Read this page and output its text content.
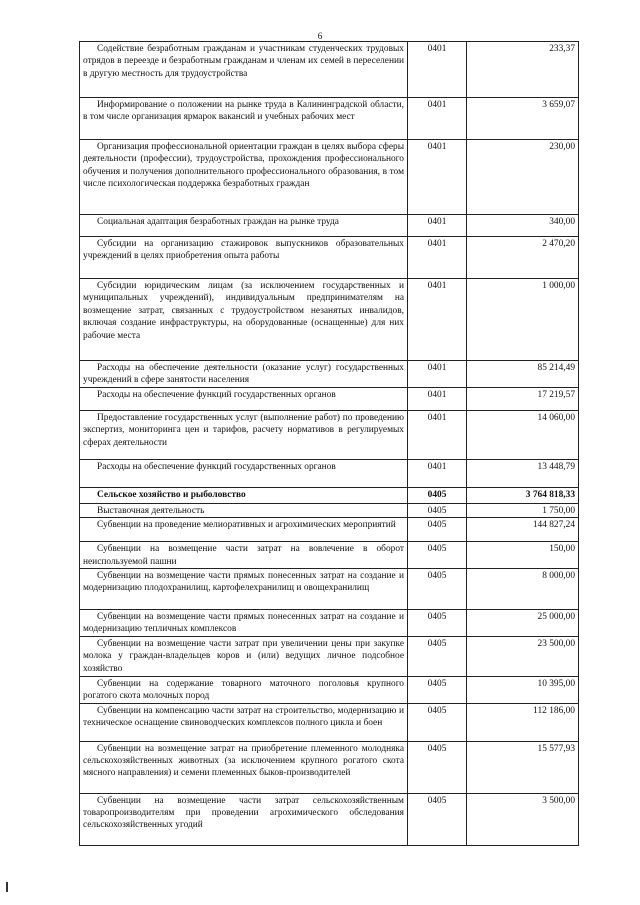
6
Содействие безработным гражданам и участникам студенческих трудовых отрядов в переезде и безработным гражданам и членам их семей в переселении в другую местность для трудоустройства	0401	233,37
Информирование о положении на рынке труда в Калининградской области, в том числе организация ярмарок вакансий и учебных рабочих мест	0401	3 659,07
Организация профессиональной ориентации граждан в целях выбора сферы деятельности (профессии), трудоустройства, прохождения профессионального обучения и получения дополнительного профессионального образования, в том числе психологическая поддержка безработных граждан	0401	230,00
Социальная адаптация безработных граждан на рынке труда	0401	340,00
Субсидии на организацию стажировок выпускников образовательных учреждений в целях приобретения опыта работы	0401	2 470,20
Субсидии юридическим лицам (за исключением государственных и муниципальных учреждений), индивидуальным предпринимателям на возмещение затрат, связанных с трудоустройством незанятых инвалидов, включая создание инфраструктуры, на оборудованные (оснащенные) для них рабочие места	0401	1 000,00
Расходы на обеспечение деятельности (оказание услуг) государственных учреждений в сфере занятости населения	0401	85 214,49
Расходы на обеспечение функций государственных органов	0401	17 219,57
Предоставление государственных услуг (выполнение работ) по проведению экспертиз, мониторинга цен и тарифов, расчету нормативов в регулируемых сферах деятельности	0401	14 060,00
Расходы на обеспечение функций государственных органов	0401	13 448,79
Сельское хозяйство и рыболовство	0405	3 764 818,33
Выставочная деятельность	0405	1 750,00
Субвенции на проведение мелиоративных и агрохимических мероприятий	0405	144 827,24
Субвенции на возмещение части затрат на вовлечение в оборот неиспользуемой пашни	0405	150,00
Субвенции на возмещение части прямых понесенных затрат на создание и модернизацию плодохранилищ, картофелехранилищ и овощехранилищ	0405	8 000,00
Субвенции на возмещение части прямых понесенных затрат на создание и модернизацию тепличных комплексов	0405	25 000,00
Субвенции на возмещение части затрат при увеличении цены при закупке молока у граждан-владельцев коров и (или) ведущих личное подсобное хозяйство	0405	23 500,00
Субвенции на содержание товарного маточного поголовья крупного рогатого скота молочных пород	0405	10 395,00
Субвенции на компенсацию части затрат на строительство, модернизацию и техническое оснащение свиноводческих комплексов полного цикла и боен	0405	112 186,00
Субвенции на возмещение затрат на приобретение племенного молодняка сельскохозяйственных животных (за исключением крупного рогатого скота мясного направления) и семени племенных быков-производителей	0405	15 577,93
Субвенции на возмещение части затрат сельскохозяйственным товаропроизводителям при проведении агрохимического обследования сельскохозяйственных угодий	0405	3 500,00
